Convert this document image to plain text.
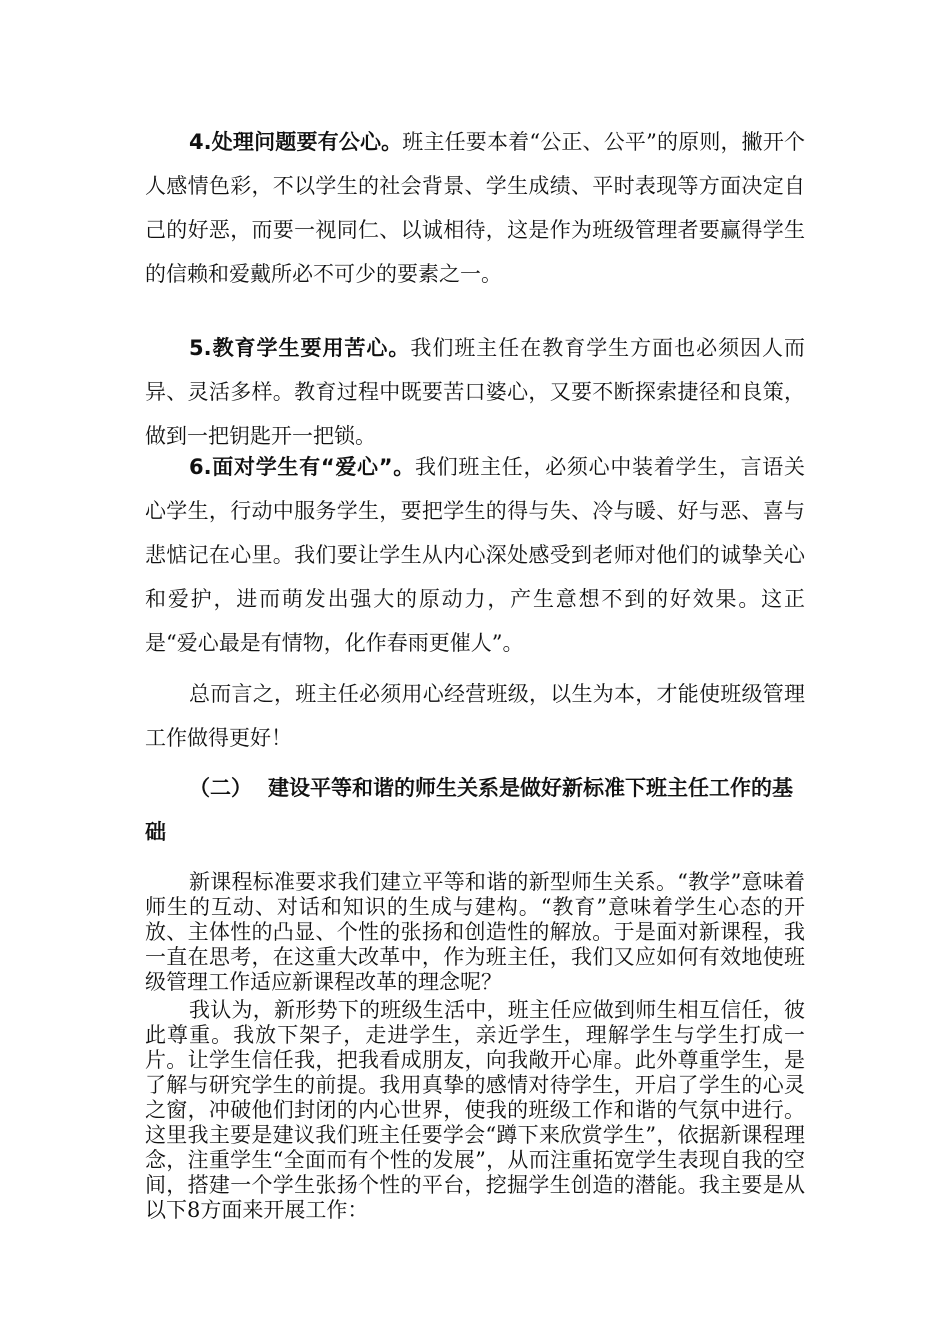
4.处理问题要有公心。班主任要本着“公正、公平”的原则，撇开个人感情色彩，不以学生的社会背景、学生成绩、平时表现等方面决定自己的好恶，而要一视同仁、以诚相待，这是作为班级管理者要赢得学生的信赖和爱戴所必不可少的要素之一。

5.教育学生要用苦心。我们班主任在教育学生方面也必须因人而异、灵活多样。教育过程中既要苦口婆心，又要不断探索捷径和良策，做到一把钥匙开一把锁。

6.面对学生有“爱心”。我们班主任，必须心中装着学生，言语关心学生，行动中服务学生，要把学生的得与失、冷与暖、好与恶、喜与悲惦记在心里。我们要让学生从内心深处感受到老师对他们的诚挚关心和爱护，进而萌发出强大的原动力，产生意想不到的好效果。这正是“爱心最是有情物，化作春雨更催人”。

总而言之，班主任必须用心经营班级，以生为本，才能使班级管理工作做得更好！

（二） 建设平等和谐的师生关系是做好新标准下班主任工作的基础

新课程标准要求我们建立平等和谐的新型师生关系。“教学”意味着师生的互动、对话和知识的生成与建构。“教育”意味着学生心态的开放、主体性的凸显、个性的张扬和创造性的解放。于是面对新课程，我一直在思考，在这重大改革中，作为班主任，我们又应如何有效地使班级管理工作适应新课程改革的理念呢？

我认为，新形势下的班级生活中，班主任应做到师生相互信任，彼此尊重。我放下架子，走进学生，亲近学生，理解学生与学生打成一片。让学生信任我，把我看成朋友，向我敞开心扉。此外尊重学生，是了解与研究学生的前提。我用真挚的感情对待学生，开启了学生的心灵之窗，冲破他们封闭的内心世界，使我的班级工作和谐的气氛中进行。这里我主要是建议我们班主任要学会“蹲下来欣赏学生”，依据新课程理念，注重学生“全面而有个性的发展”，从而注重拓宽学生表现自我的空间，搭建一个学生张扬个性的平台，挖掘学生创造的潜能。我主要是从以下8方面来开展工作：
